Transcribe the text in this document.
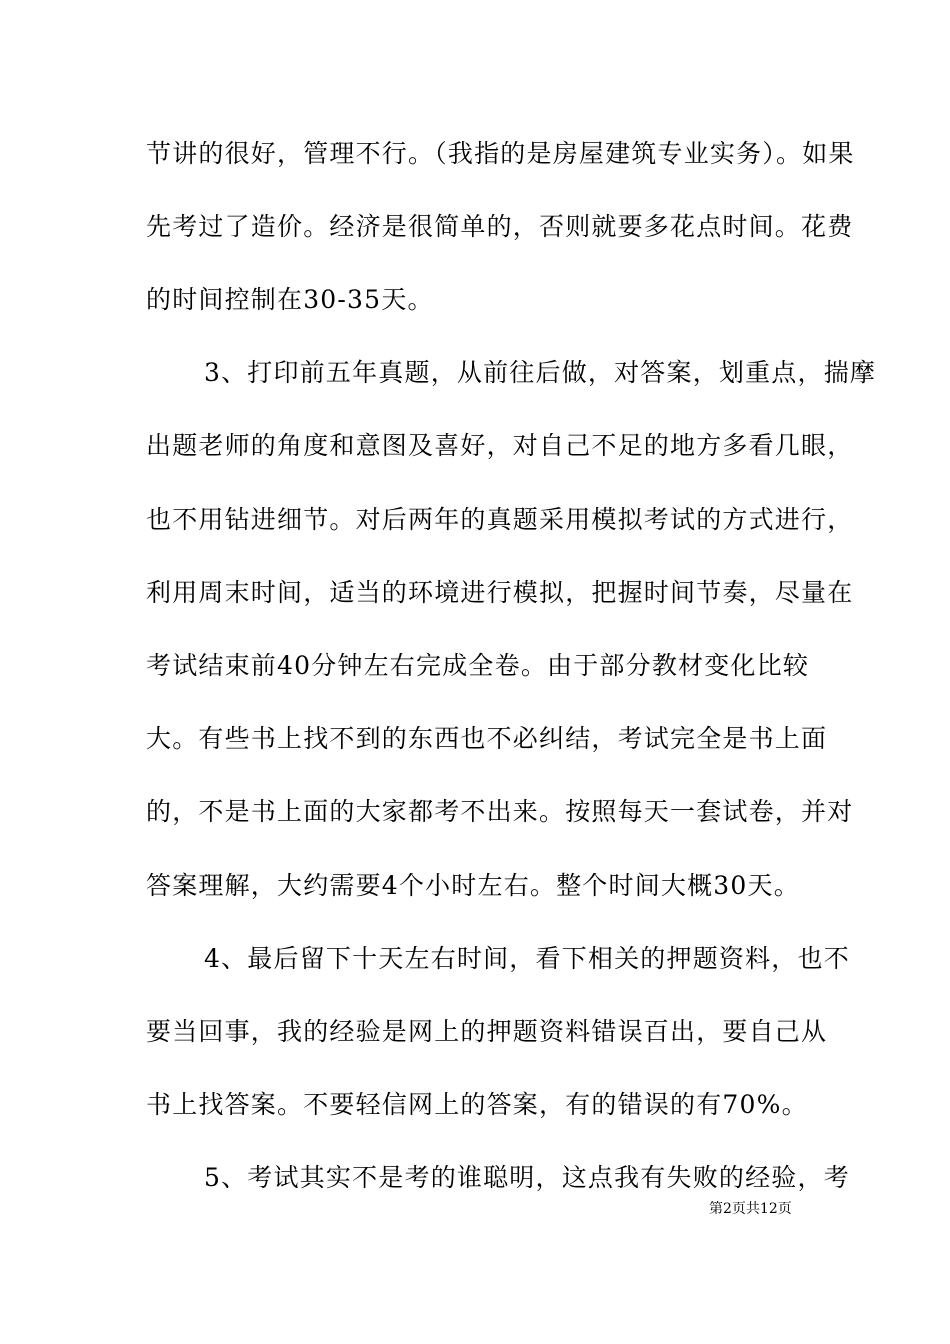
节讲的很好，管理不行。（我指的是房屋建筑专业实务）。如果
先考过了造价。经济是很简单的，否则就要多花点时间。花费
的时间控制在30-35天。
3、打印前五年真题，从前往后做，对答案，划重点，揣摩
出题老师的角度和意图及喜好，对自己不足的地方多看几眼，
也不用钻进细节。对后两年的真题采用模拟考试的方式进行，
利用周末时间，适当的环境进行模拟，把握时间节奏，尽量在
考试结束前40分钟左右完成全卷。由于部分教材变化比较
大。有些书上找不到的东西也不必纠结，考试完全是书上面
的，不是书上面的大家都考不出来。按照每天一套试卷，并对
答案理解，大约需要4个小时左右。整个时间大概30天。
4、最后留下十天左右时间，看下相关的押题资料，也不
要当回事，我的经验是网上的押题资料错误百出，要自己从
书上找答案。不要轻信网上的答案，有的错误的有70%。
5、考试其实不是考的谁聪明，这点我有失败的经验，考
第2页共12页
